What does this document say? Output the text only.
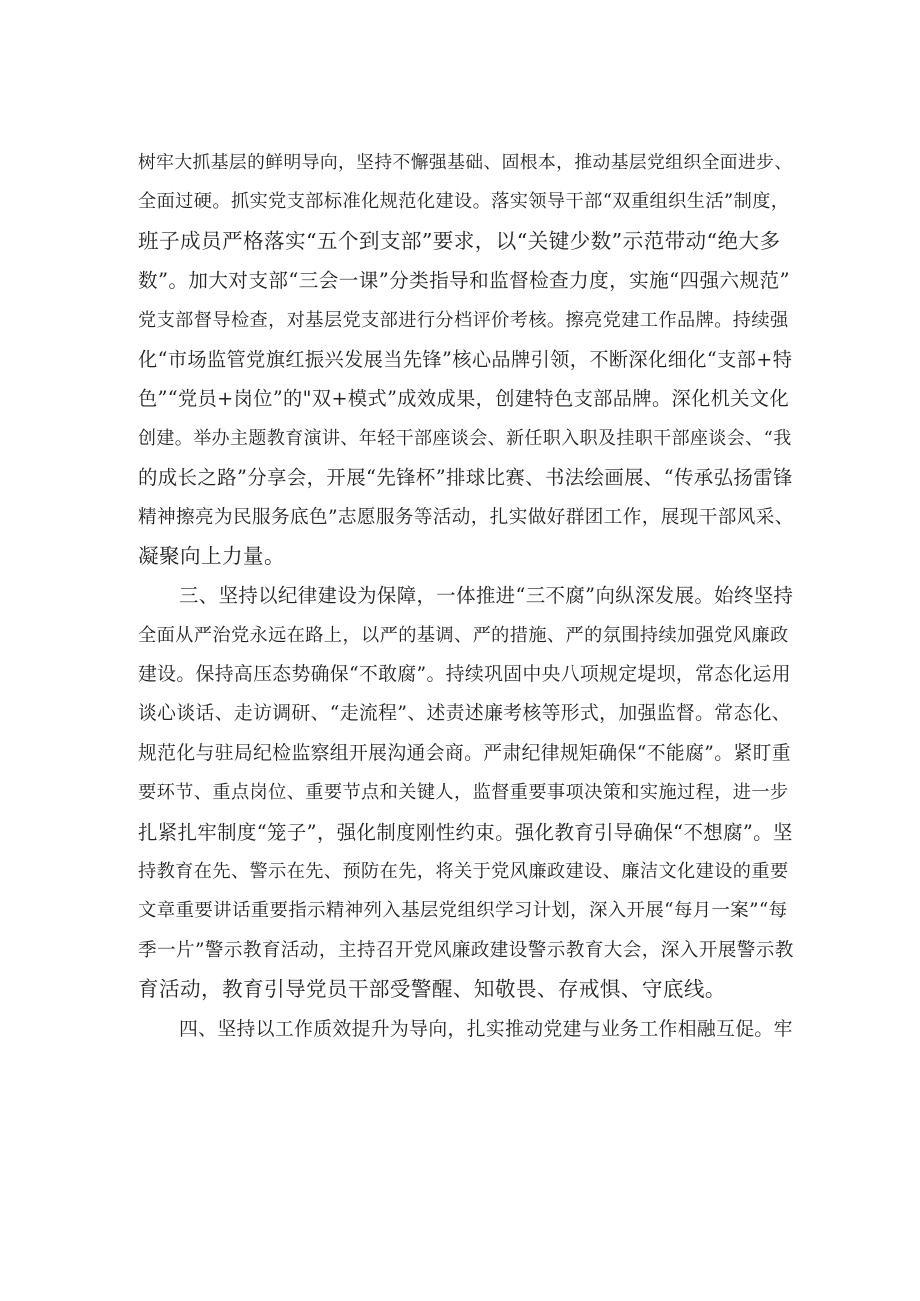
树牢大抓基层的鲜明导向，坚持不懈强基础、固根本，推动基层党组织全面进步、
全面过硬。抓实党支部标准化规范化建设。落实领导干部“双重组织生活”制度，
班子成员严格落实“五个到支部”要求，以“关键少数”示范带动“绝大多
数”。加大对支部“三会一课”分类指导和监督检查力度，实施“四强六规范”
党支部督导检查，对基层党支部进行分档评价考核。擦亮党建工作品牌。持续强
化“市场监管党旗红振兴发展当先锋”核心品牌引领，不断深化细化“支部+特
色”“党员+岗位”的"双+模式”成效成果，创建特色支部品牌。深化机关文化
创建。举办主题教育演讲、年轻干部座谈会、新任职入职及挂职干部座谈会、“我
的成长之路”分享会，开展“先锋杯”排球比赛、书法绘画展、“传承弘扬雷锋
精神擦亮为民服务底色”志愿服务等活动，扎实做好群团工作，展现干部风采、
凝聚向上力量。
三、坚持以纪律建设为保障，一体推进“三不腐”向纵深发展。始终坚持
全面从严治党永远在路上，以严的基调、严的措施、严的氛围持续加强党风廉政
建设。保持高压态势确保“不敢腐”。持续巩固中央八项规定堤坝，常态化运用
谈心谈话、走访调研、“走流程”、述责述廉考核等形式，加强监督。常态化、
规范化与驻局纪检监察组开展沟通会商。严肃纪律规矩确保“不能腐”。紧盯重
要环节、重点岗位、重要节点和关键人，监督重要事项决策和实施过程，进一步
扎紧扎牢制度“笼子”，强化制度刚性约束。强化教育引导确保“不想腐”。坚
持教育在先、警示在先、预防在先，将关于党风廉政建设、廉洁文化建设的重要
文章重要讲话重要指示精神列入基层党组织学习计划，深入开展“每月一案”“每
季一片”警示教育活动，主持召开党风廉政建设警示教育大会，深入开展警示教
育活动，教育引导党员干部受警醒、知敬畏、存戒惧、守底线。
四、坚持以工作质效提升为导向，扎实推动党建与业务工作相融互促。牢
